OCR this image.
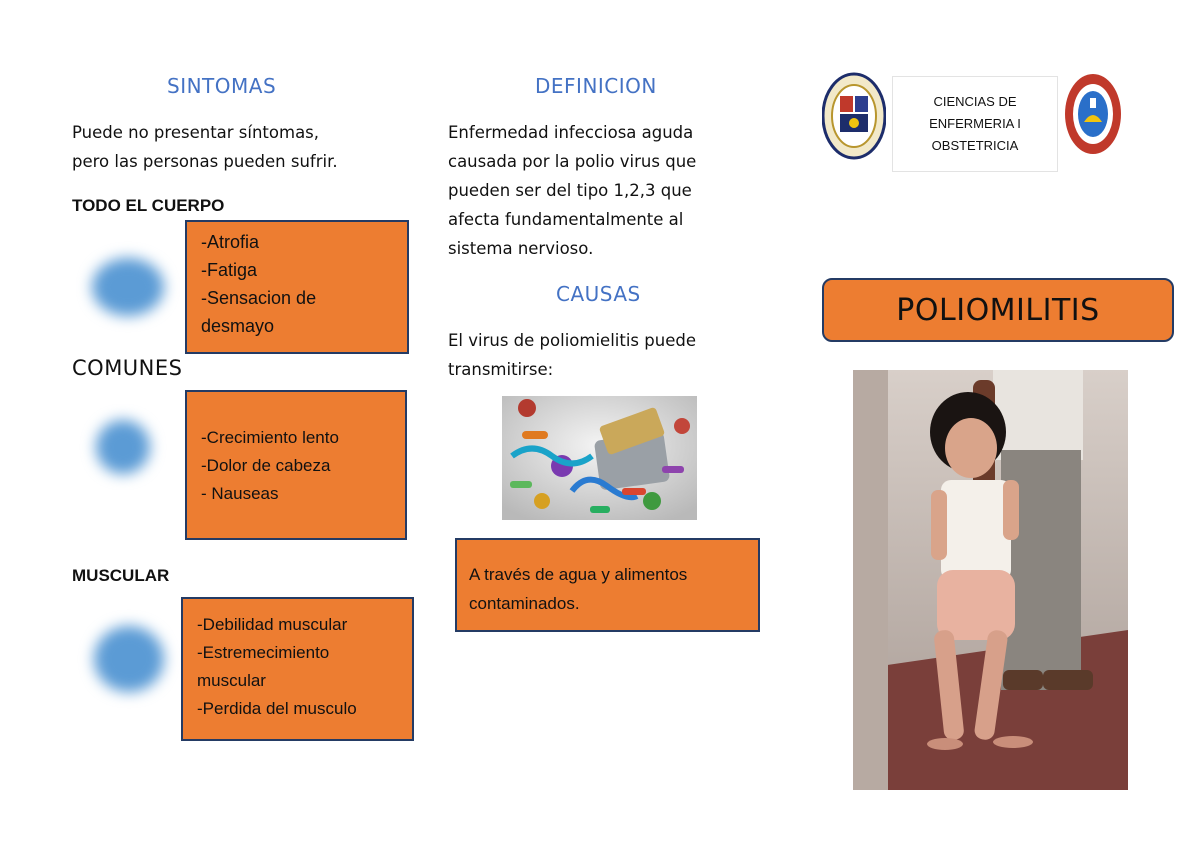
SINTOMAS
Puede no presentar síntomas,
pero las personas pueden sufrir.
TODO EL CUERPO
-Atrofia
-Fatiga
-Sensacion de
desmayo
COMUNES
-Crecimiento lento
-Dolor de cabeza
- Nauseas
MUSCULAR
-Debilidad muscular
-Estremecimiento
muscular
-Perdida del musculo
DEFINICION
Enfermedad infecciosa aguda
causada por la polio virus que
pueden ser del tipo 1,2,3 que
afecta fundamentalmente al
sistema nervioso.
CAUSAS
El virus de poliomielitis puede
transmitirse:
A través de agua y alimentos
contaminados.
CIENCIAS DE
ENFERMERIA I
OBSTETRICIA
POLIOMILITIS
